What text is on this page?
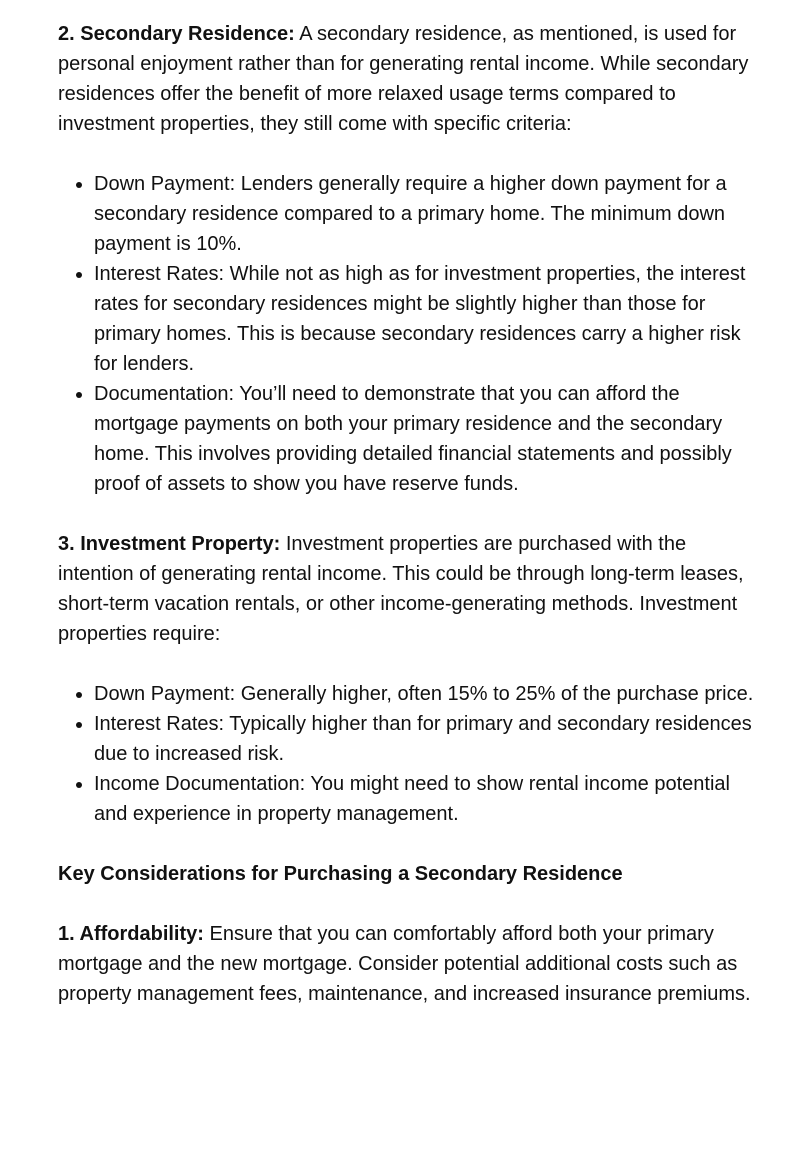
2. Secondary Residence: A secondary residence, as mentioned, is used for personal enjoyment rather than for generating rental income. While secondary residences offer the benefit of more relaxed usage terms compared to investment properties, they still come with specific criteria:

• Down Payment: Lenders generally require a higher down payment for a secondary residence compared to a primary home. The minimum down payment is 10%.
• Interest Rates: While not as high as for investment properties, the interest rates for secondary residences might be slightly higher than those for primary homes. This is because secondary residences carry a higher risk for lenders.
• Documentation: You’ll need to demonstrate that you can afford the mortgage payments on both your primary residence and the secondary home. This involves providing detailed financial statements and possibly proof of assets to show you have reserve funds.

3. Investment Property: Investment properties are purchased with the intention of generating rental income. This could be through long-term leases, short-term vacation rentals, or other income-generating methods. Investment properties require:

• Down Payment: Generally higher, often 15% to 25% of the purchase price.
• Interest Rates: Typically higher than for primary and secondary residences due to increased risk.
• Income Documentation: You might need to show rental income potential and experience in property management.

Key Considerations for Purchasing a Secondary Residence

1. Affordability: Ensure that you can comfortably afford both your primary mortgage and the new mortgage. Consider potential additional costs such as property management fees, maintenance, and increased insurance premiums.
